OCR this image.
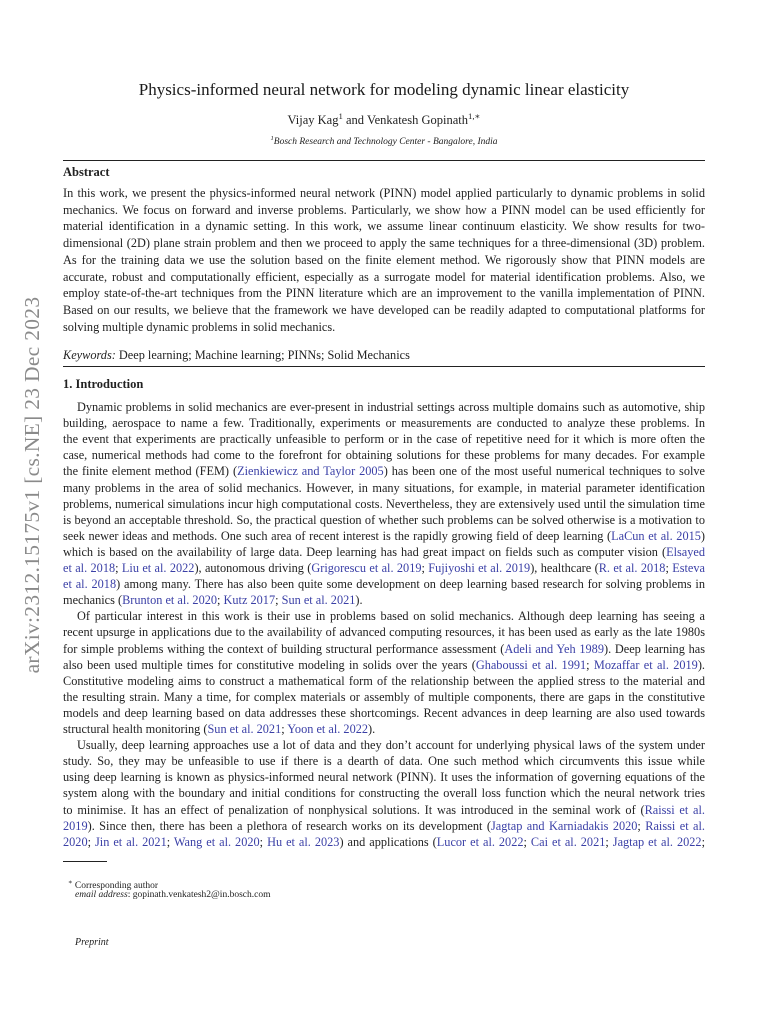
arXiv:2312.15175v1 [cs.NE] 23 Dec 2023
Physics-informed neural network for modeling dynamic linear elasticity
Vijay Kag$^1$ and Venkatesh Gopinath$^{1,∗}$
$^1$Bosch Research and Technology Center - Bangalore, India
Abstract
In this work, we present the physics-informed neural network (PINN) model applied particularly to dynamic problems in solid
mechanics. We focus on forward and inverse problems. Particularly, we show how a PINN model can be used efficiently for
material identification in a dynamic setting. In this work, we assume linear continuum elasticity. We show results for two-
dimensional (2D) plane strain problem and then we proceed to apply the same techniques for a three-dimensional (3D) problem.
As for the training data we use the solution based on the finite element method. We rigorously show that PINN models are
accurate, robust and computationally efficient, especially as a surrogate model for material identification problems. Also, we
employ state-of-the-art techniques from the PINN literature which are an improvement to the vanilla implementation of PINN.
Based on our results, we believe that the framework we have developed can be readily adapted to computational platforms for
solving multiple dynamic problems in solid mechanics.
Keywords: Deep learning; Machine learning; PINNs; Solid Mechanics
1. Introduction
Dynamic problems in solid mechanics are ever-present in industrial settings across multiple domains such as automotive, ship
building, aerospace to name a few. Traditionally, experiments or measurements are conducted to analyze these problems. In
the event that experiments are practically unfeasible to perform or in the case of repetitive need for it which is more often the
case, numerical methods had come to the forefront for obtaining solutions for these problems for many decades. For example
the finite element method (FEM) (Zienkiewicz and Taylor 2005) has been one of the most useful numerical techniques to solve
many problems in the area of solid mechanics. However, in many situations, for example, in material parameter identification
problems, numerical simulations incur high computational costs. Nevertheless, they are extensively used until the simulation time
is beyond an acceptable threshold. So, the practical question of whether such problems can be solved otherwise is a motivation to
seek newer ideas and methods. One such area of recent interest is the rapidly growing field of deep learning (LaCun et al. 2015)
which is based on the availability of large data. Deep learning has had great impact on fields such as computer vision (Elsayed
et al. 2018; Liu et al. 2022), autonomous driving (Grigorescu et al. 2019; Fujiyoshi et al. 2019), healthcare (R. et al. 2018; Esteva
et al. 2018) among many. There has also been quite some development on deep learning based research for solving problems in
mechanics (Brunton et al. 2020; Kutz 2017; Sun et al. 2021).
Of particular interest in this work is their use in problems based on solid mechanics. Although deep learning has seeing a
recent upsurge in applications due to the availability of advanced computing resources, it has been used as early as the late 1980s
for simple problems withing the context of building structural performance assessment (Adeli and Yeh 1989). Deep learning has
also been used multiple times for constitutive modeling in solids over the years (Ghaboussi et al. 1991; Mozaffar et al. 2019).
Constitutive modeling aims to construct a mathematical form of the relationship between the applied stress to the material and
the resulting strain. Many a time, for complex materials or assembly of multiple components, there are gaps in the constitutive
models and deep learning based on data addresses these shortcomings. Recent advances in deep learning are also used towards
structural health monitoring (Sun et al. 2021; Yoon et al. 2022).
Usually, deep learning approaches use a lot of data and they don’t account for underlying physical laws of the system under
study. So, they may be unfeasible to use if there is a dearth of data. One such method which circumvents this issue while
using deep learning is known as physics-informed neural network (PINN). It uses the information of governing equations of the
system along with the boundary and initial conditions for constructing the overall loss function which the neural network tries
to minimise. It has an effect of penalization of nonphysical solutions. It was introduced in the seminal work of (Raissi et al.
2019). Since then, there has been a plethora of research works on its development (Jagtap and Karniadakis 2020; Raissi et al.
2020; Jin et al. 2021; Wang et al. 2020; Hu et al. 2023) and applications (Lucor et al. 2022; Cai et al. 2021; Jagtap et al. 2022;
∗ Corresponding author
email address: gopinath.venkatesh2@in.bosch.com
Preprint
